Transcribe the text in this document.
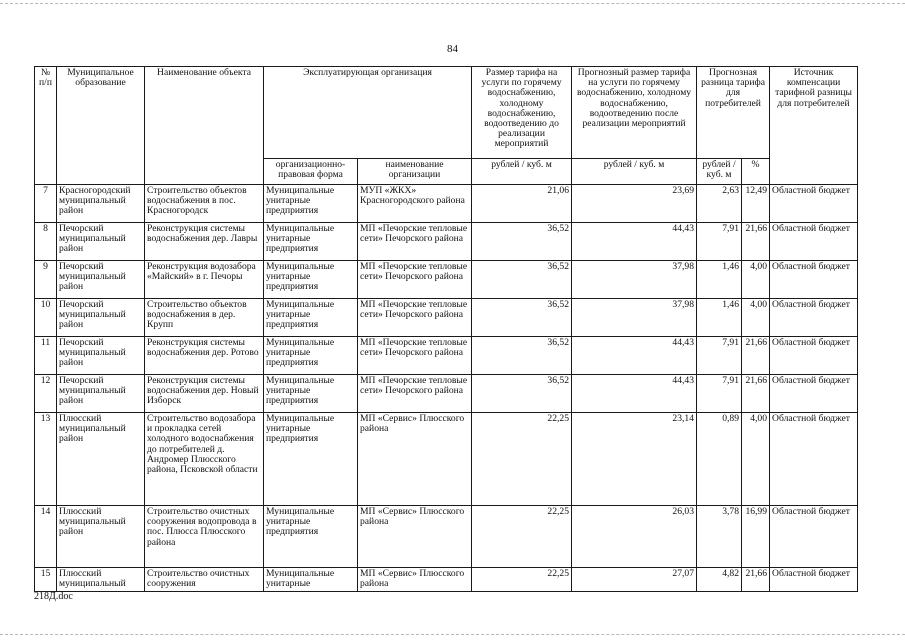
84
№ п/п	Муниципальное образование	Наименование объекта	Эксплуатирующая организация		Размер тарифа на услуги по горячему водоснабжению, холодному водоснабжению, водоотведению до реализации мероприятий	Прогнозный размер тарифа на услуги по горячему водоснабжению, холодному водоснабжению, водоотведению после реализации мероприятий	Прогнозная разница тарифа для потребителей		Источник компенсации тарифной разницы для потребителей
			организационно-правовая форма	наименование организации	рублей / куб. м	рублей / куб. м	рублей / куб. м	%	
7	Красногородский муниципальный район	Строительство объектов водоснабжения в пос. Красногородск	Муниципальные унитарные предприятия	МУП «ЖКХ» Красногородского района	21,06	23,69	2,63	12,49	Областной бюджет
8	Печорский муниципальный район	Реконструкция системы водоснабжения дер. Лавры	Муниципальные унитарные предприятия	МП «Печорские тепловые сети» Печорского района	36,52	44,43	7,91	21,66	Областной бюджет
9	Печорский муниципальный район	Реконструкция водозабора «Майский» в г. Печоры	Муниципальные унитарные предприятия	МП «Печорские тепловые сети» Печорского района	36,52	37,98	1,46	4,00	Областной бюджет
10	Печорский муниципальный район	Строительство объектов водоснабжения в дер. Крупп	Муниципальные унитарные предприятия	МП «Печорские тепловые сети» Печорского района	36,52	37,98	1,46	4,00	Областной бюджет
11	Печорский муниципальный район	Реконструкция системы водоснабжения дер. Ротово	Муниципальные унитарные предприятия	МП «Печорские тепловые сети» Печорского района	36,52	44,43	7,91	21,66	Областной бюджет
12	Печорский муниципальный район	Реконструкция системы водоснабжения дер. Новый Изборск	Муниципальные унитарные предприятия	МП «Печорские тепловые сети» Печорского района	36,52	44,43	7,91	21,66	Областной бюджет
13	Плюсский муниципальный район	Строительство водозабора и прокладка сетей холодного водоснабжения до потребителей д. Андромер Плюсского района, Псковской области	Муниципальные унитарные предприятия	МП «Сервис» Плюсского района	22,25	23,14	0,89	4,00	Областной бюджет
14	Плюсский муниципальный район	Строительство очистных сооружения водопровода в пос. Плюсса Плюсского района	Муниципальные унитарные предприятия	МП «Сервис» Плюсского района	22,25	26,03	3,78	16,99	Областной бюджет
15	Плюсский муниципальный	Строительство очистных сооружения	Муниципальные унитарные	МП «Сервис» Плюсского района	22,25	27,07	4,82	21,66	Областной бюджет
218Д.doc
